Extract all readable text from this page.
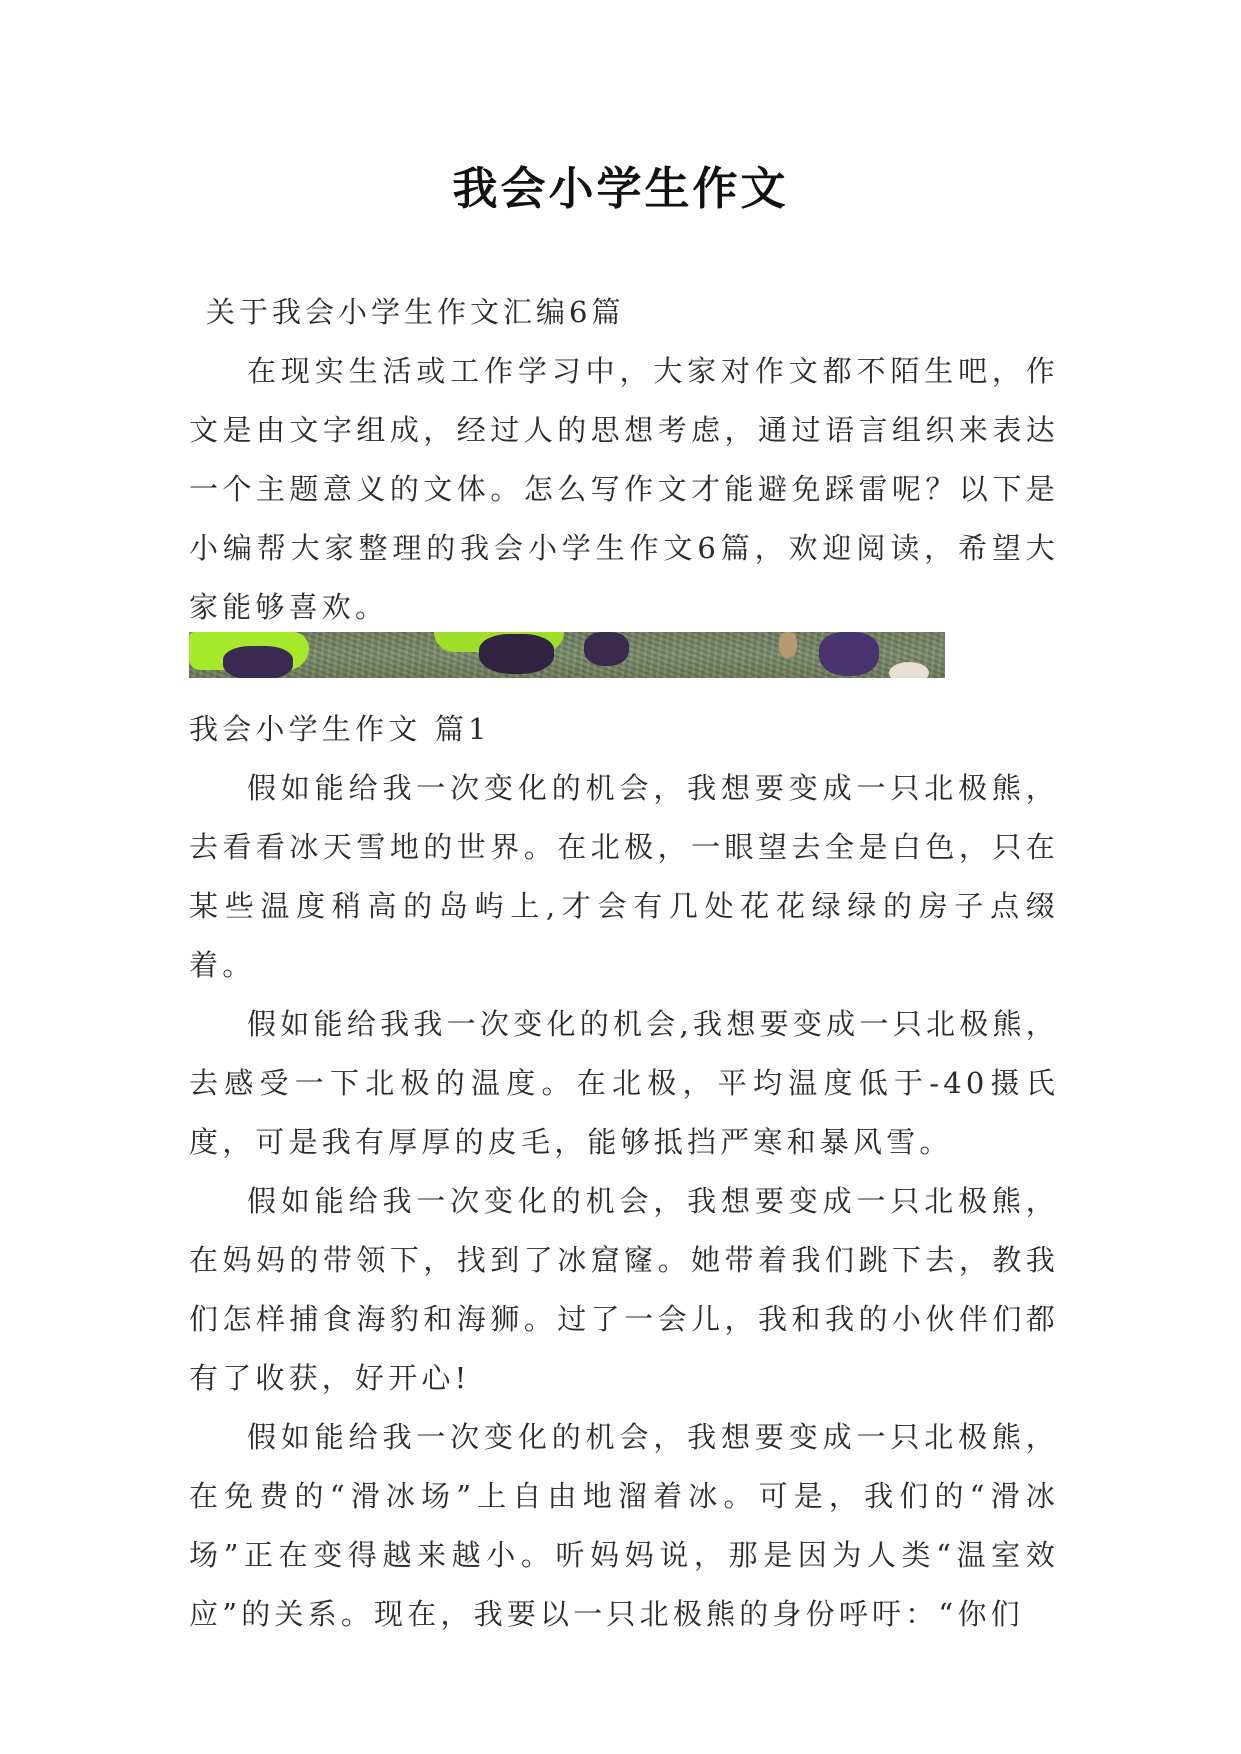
我会小学生作文
关于我会小学生作文汇编6篇

在现实生活或工作学习中，大家对作文都不陌生吧，作文是由文字组成，经过人的思想考虑，通过语言组织来表达一个主题意义的文体。怎么写作文才能避免踩雷呢？以下是小编帮大家整理的我会小学生作文6篇，欢迎阅读，希望大家能够喜欢。

我会小学生作文 篇1

假如能给我一次变化的机会，我想要变成一只北极熊，去看看冰天雪地的世界。在北极，一眼望去全是白色，只在某些温度稍高的岛屿上,才会有几处花花绿绿的房子点缀着。

假如能给我我一次变化的机会,我想要变成一只北极熊，去感受一下北极的温度。在北极，平均温度低于-40摄氏度，可是我有厚厚的皮毛，能够抵挡严寒和暴风雪。

假如能给我一次变化的机会，我想要变成一只北极熊，在妈妈的带领下，找到了冰窟窿。她带着我们跳下去，教我们怎样捕食海豹和海狮。过了一会儿，我和我的小伙伴们都有了收获，好开心!

假如能给我一次变化的机会，我想要变成一只北极熊，在免费的“滑冰场”上自由地溜着冰。可是，我们的“滑冰场”正在变得越来越小。听妈妈说，那是因为人类“温室效应”的关系。现在，我要以一只北极熊的身份呼吁：“你们
